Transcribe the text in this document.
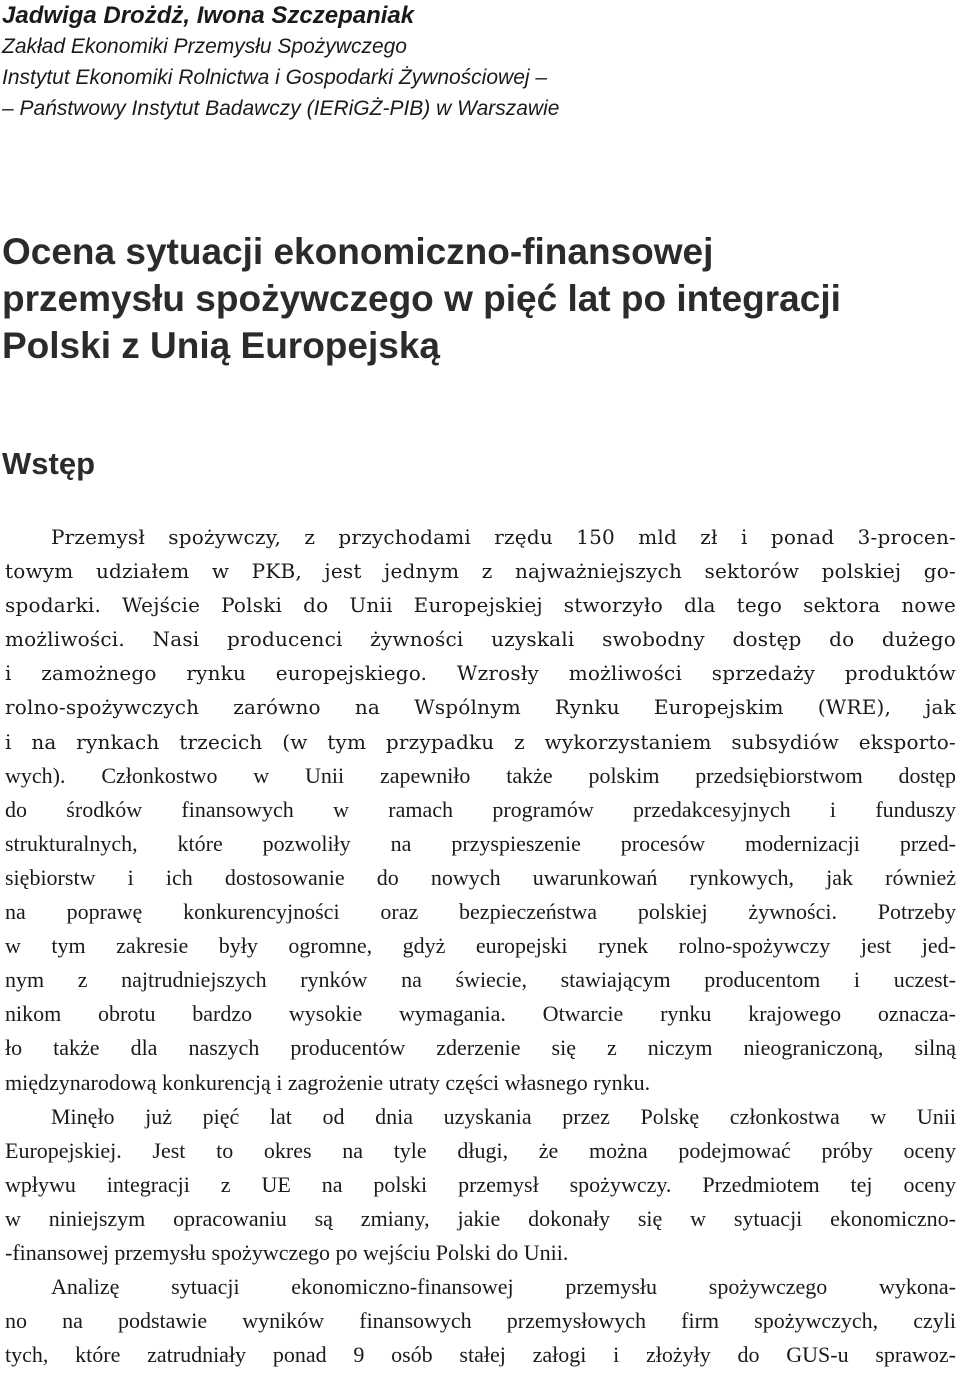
Jadwiga Drożdż, Iwona Szczepaniak

Zakład Ekonomiki Przemysłu Spożywczego

Instytut Ekonomiki Rolnictwa i Gospodarki Żywnościowej –

– Państwowy Instytut Badawczy (IERiGŻ-PIB) w Warszawie

Ocena sytuacji ekonomiczno-finansowej
przemysłu spożywczego w pięć lat po integracji
Polski z Unią Europejską
Wstęp
Przemysł spożywczy, z przychodami rzędu 150 mld zł i ponad 3-procen-
towym udziałem w PKB, jest jednym z najważniejszych sektorów polskiej go-
spodarki. Wejście Polski do Unii Europejskiej stworzyło dla tego sektora nowe
możliwości. Nasi producenci żywności uzyskali swobodny dostęp do dużego
i zamożnego rynku europejskiego. Wzrosły możliwości sprzedaży produktów
rolno-spożywczych zarówno na Wspólnym Rynku Europejskim (WRE), jak
i na rynkach trzecich (w tym przypadku z wykorzystaniem subsydiów eksporto-
wych). Członkostwo w Unii zapewniło także polskim przedsiębiorstwom dostęp
do środków finansowych w ramach programów przedakcesyjnych i funduszy
strukturalnych, które pozwoliły na przyspieszenie procesów modernizacji przed-
siębiorstw i ich dostosowanie do nowych uwarunkowań rynkowych, jak również
na poprawę konkurencyjności oraz bezpieczeństwa polskiej żywności. Potrzeby
w tym zakresie były ogromne, gdyż europejski rynek rolno-spożywczy jest jed-
nym z najtrudniejszych rynków na świecie, stawiającym producentom i uczest-
nikom obrotu bardzo wysokie wymagania. Otwarcie rynku krajowego oznacza-
ło także dla naszych producentów zderzenie się z niczym nieograniczoną, silną
międzynarodową konkurencją i zagrożenie utraty części własnego rynku.
Minęło już pięć lat od dnia uzyskania przez Polskę członkostwa w Unii
Europejskiej. Jest to okres na tyle długi, że można podejmować próby oceny
wpływu integracji z UE na polski przemysł spożywczy. Przedmiotem tej oceny
w niniejszym opracowaniu są zmiany, jakie dokonały się w sytuacji ekonomiczno-
-finansowej przemysłu spożywczego po wejściu Polski do Unii.
Analizę sytuacji ekonomiczno-finansowej przemysłu spożywczego wykona-
no na podstawie wyników finansowych przemysłowych firm spożywczych, czyli
tych, które zatrudniały ponad 9 osób stałej załogi i złożyły do GUS-u sprawoz-
